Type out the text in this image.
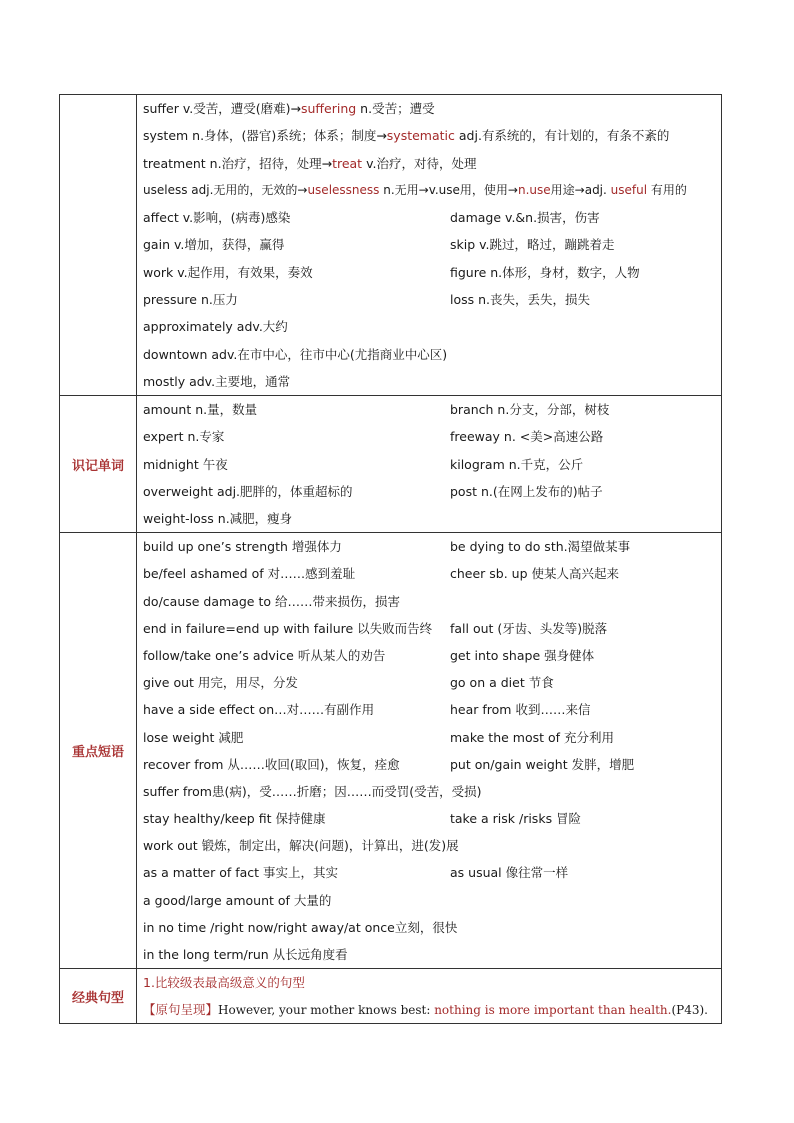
suffer v.受苦，遭受(磨难)→suffering n.受苦；遭受
system n.身体，(器官)系统；体系；制度→systematic adj.有系统的，有计划的，有条不紊的
treatment n.治疗，招待，处理→treat v.治疗，对待，处理
useless adj.无用的，无效的→uselessness n.无用→v.use用，使用→n.use用途→adj. useful 有用的
affect v.影响，(病毒)感染	damage v.&n.损害，伤害
gain v.增加，获得，赢得	skip v.跳过，略过，蹦跳着走
work v.起作用，有效果，奏效	figure n.体形，身材，数字，人物
pressure n.压力	loss n.丧失，丢失，损失
approximately adv.大约
downtown adv.在市中心，往市中心(尤指商业中心区)
mostly adv.主要地，通常
识记单词
amount n.量，数量	branch n.分支，分部，树枝
expert n.专家	freeway n. <美>高速公路
midnight 午夜	kilogram n.千克，公斤
overweight adj.肥胖的，体重超标的	post n.(在网上发布的)帖子
weight-loss n.减肥，瘦身
重点短语
build up one’s strength 增强体力	be dying to do sth.渴望做某事
be/feel ashamed of 对……感到羞耻	cheer sb. up 使某人高兴起来
do/cause damage to 给……带来损伤，损害
end in failure=end up with failure 以失败而告终	fall out (牙齿、头发等)脱落
follow/take one’s advice 听从某人的劝告	get into shape 强身健体
give out 用完，用尽，分发	go on a diet 节食
have a side effect on…对……有副作用	hear from 收到……来信
lose weight 减肥	make the most of 充分利用
recover from 从……收回(取回)，恢复，痊愈	put on/gain weight 发胖，增肥
suffer from患(病)，受……折磨；因……而受罚(受苦，受损)
stay healthy/keep fit 保持健康	take a risk /risks 冒险
work out 锻炼，制定出，解决(问题)，计算出，进(发)展
as a matter of fact 事实上，其实	as usual 像往常一样
a good/large amount of 大量的
in no time /right now/right away/at once立刻，很快
in the long term/run 从长远角度看
经典句型
1.比较级表最高级意义的句型
【原句呈现】However, your mother knows best: nothing is more important than health.(P43).
